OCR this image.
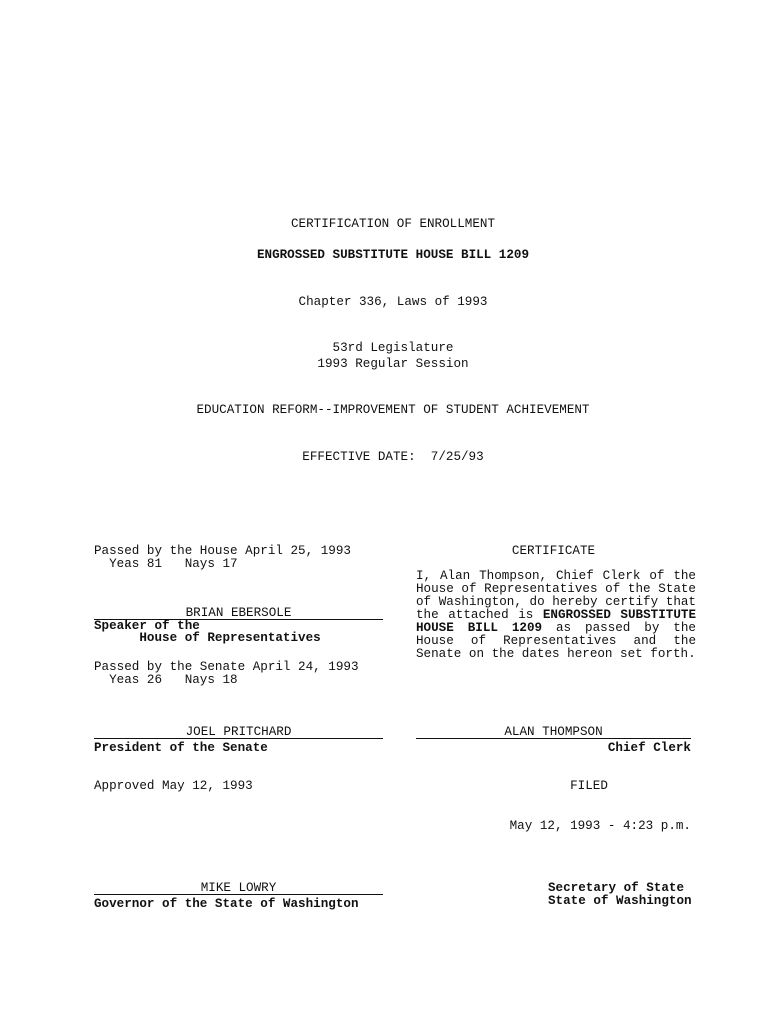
CERTIFICATION OF ENROLLMENT
ENGROSSED SUBSTITUTE HOUSE BILL 1209
Chapter 336, Laws of 1993
53rd Legislature
1993 Regular Session
EDUCATION REFORM--IMPROVEMENT OF STUDENT ACHIEVEMENT
EFFECTIVE DATE:  7/25/93
Passed by the House April 25, 1993
Yeas 81   Nays 17
BRIAN EBERSOLE
Speaker of the
House of Representatives
Passed by the Senate April 24, 1993
Yeas 26   Nays 18
JOEL PRITCHARD
President of the Senate
Approved May 12, 1993
MIKE LOWRY
Governor of the State of Washington
CERTIFICATE
I, Alan Thompson, Chief Clerk of the House of Representatives of the State of Washington, do hereby certify that the attached is ENGROSSED SUBSTITUTE HOUSE BILL 1209 as passed by the House of Representatives and the Senate on the dates hereon set forth.
ALAN THOMPSON
Chief Clerk
FILED
May 12, 1993 - 4:23 p.m.
Secretary of State
State of Washington
